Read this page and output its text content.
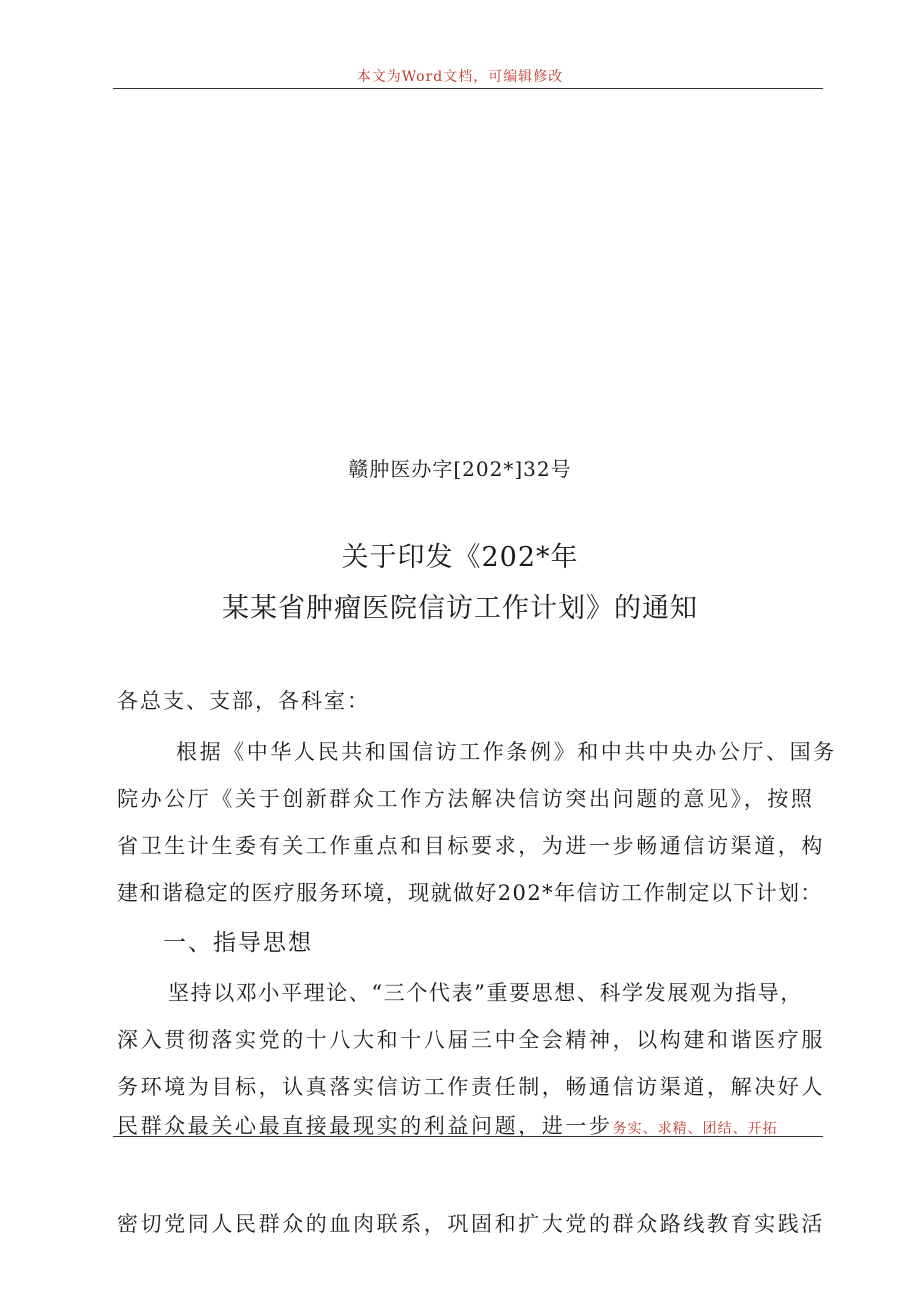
本文为Word文档，可编辑修改
赣肿医办字[202*]32号
关于印发《202*年
某某省肿瘤医院信访工作计划》的通知
各总支、支部，各科室：
根据《中华人民共和国信访工作条例》和中共中央办公厅、国务
院办公厅《关于创新群众工作方法解决信访突出问题的意见》，按照
省卫生计生委有关工作重点和目标要求，为进一步畅通信访渠道，构
建和谐稳定的医疗服务环境，现就做好202*年信访工作制定以下计划：
一、指导思想
坚持以邓小平理论、“三个代表”重要思想、科学发展观为指导，
深入贯彻落实党的十八大和十八届三中全会精神，以构建和谐医疗服
务环境为目标，认真落实信访工作责任制，畅通信访渠道，解决好人
民群众最关心最直接最现实的利益问题，进一步务实、求精、团结、开拓
密切党同人民群众的血肉联系，巩固和扩大党的群众路线教育实践活
